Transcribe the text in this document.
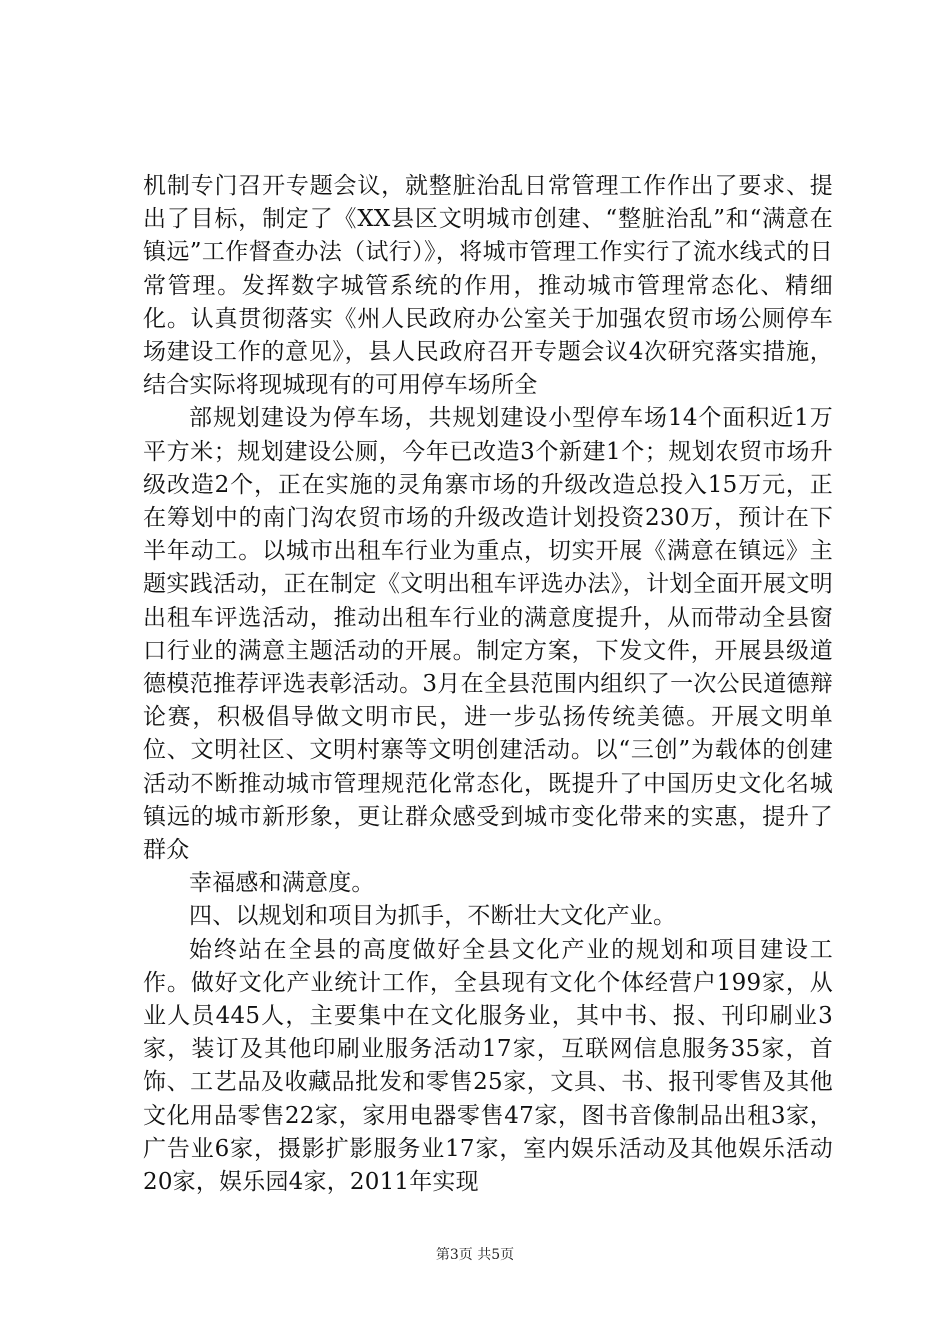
机制专门召开专题会议，就整脏治乱日常管理工作作出了要求、提出了目标，制定了《XX县区文明城市创建、“整脏治乱”和“满意在镇远”工作督查办法（试行）》，将城市管理工作实行了流水线式的日常管理。发挥数字城管系统的作用，推动城市管理常态化、精细化。认真贯彻落实《州人民政府办公室关于加强农贸市场公厕停车场建设工作的意见》，县人民政府召开专题会议4次研究落实措施，结合实际将现城现有的可用停车场所全

部规划建设为停车场，共规划建设小型停车场14个面积近1万平方米；规划建设公厕，今年已改造3个新建1个；规划农贸市场升级改造2个，正在实施的灵角寨市场的升级改造总投入15万元，正在筹划中的南门沟农贸市场的升级改造计划投资230万，预计在下半年动工。以城市出租车行业为重点，切实开展《满意在镇远》主题实践活动，正在制定《文明出租车评选办法》，计划全面开展文明出租车评选活动，推动出租车行业的满意度提升，从而带动全县窗口行业的满意主题活动的开展。制定方案，下发文件，开展县级道德模范推荐评选表彰活动。3月在全县范围内组织了一次公民道德辩论赛，积极倡导做文明市民，进一步弘扬传统美德。开展文明单位、文明社区、文明村寨等文明创建活动。以“三创”为载体的创建活动不断推动城市管理规范化常态化，既提升了中国历史文化名城镇远的城市新形象，更让群众感受到城市变化带来的实惠，提升了群众

幸福感和满意度。

四、以规划和项目为抓手，不断壮大文化产业。

始终站在全县的高度做好全县文化产业的规划和项目建设工作。做好文化产业统计工作，全县现有文化个体经营户199家，从业人员445人，主要集中在文化服务业，其中书、报、刊印刷业3家，装订及其他印刷业服务活动17家，互联网信息服务35家，首饰、工艺品及收藏品批发和零售25家，文具、书、报刊零售及其他文化用品零售22家，家用电器零售47家，图书音像制品出租3家，广告业6家，摄影扩影服务业17家，室内娱乐活动及其他娱乐活动20家，娱乐园4家，2011年实现

第3页 共5页
